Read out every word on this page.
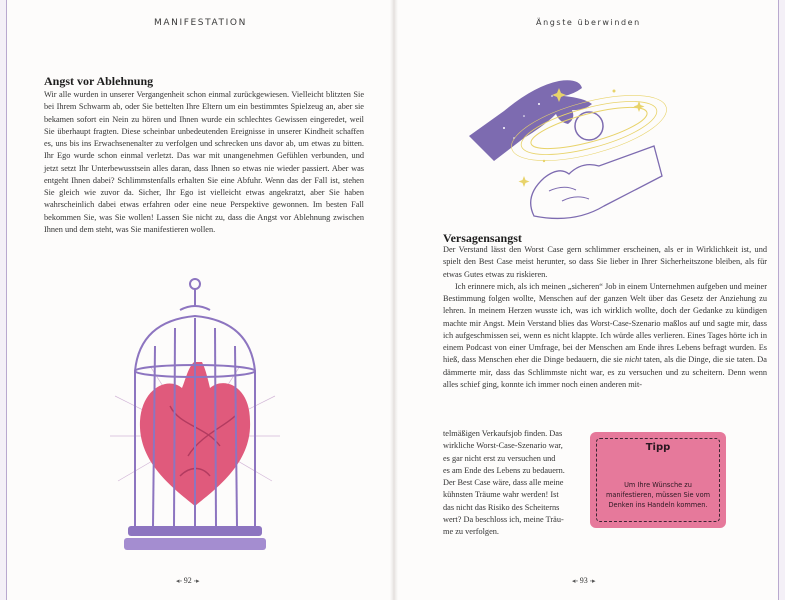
MANIFESTATION
Angst vor Ablehnung

Wir alle wurden in unserer Vergangenheit schon einmal zurückgewiesen. Vielleicht blitzten Sie bei Ihrem Schwarm ab, oder Sie bettelten Ihre Eltern um ein bestimmtes Spielzeug an, aber sie bekamen sofort ein Nein zu hören und Ihnen wurde ein schlechtes Gewissen eingeredet, weil Sie überhaupt fragten. Diese scheinbar unbedeutenden Ereignisse in unserer Kindheit schaffen es, uns bis ins Erwachsenenalter zu verfolgen und schrecken uns davor ab, um etwas zu bitten. Ihr Ego wurde schon einmal verletzt. Das war mit unangenehmen Gefühlen verbunden, und jetzt setzt Ihr Unterbewusstsein alles daran, dass Ihnen so etwas nie wieder passiert. Aber was entgeht Ihnen dabei? Schlimmstenfalls erhalten Sie eine Abfuhr. Wenn das der Fall ist, stehen Sie gleich wie zuvor da. Sicher, Ihr Ego ist vielleicht etwas angekratzt, aber Sie haben wahrscheinlich dabei etwas erfahren oder eine neue Perspektive gewonnen. Im besten Fall bekommen Sie, was Sie wollen! Lassen Sie nicht zu, dass die Angst vor Ablehnung zwischen Ihnen und dem steht, was Sie manifestieren wollen.

◂◦ 92 ◦▸
Ängste überwinden
Versagensangst

Der Verstand lässt den Worst Case gern schlimmer erscheinen, als er in Wirklichkeit ist, und spielt den Best Case meist herunter, so dass Sie lieber in Ihrer Sicherheitszone bleiben, als für etwas Gutes etwas zu riskieren.

Ich erinnere mich, als ich meinen „sicheren“ Job in einem Unternehmen aufgeben und meiner Bestimmung folgen wollte, Menschen auf der ganzen Welt über das Gesetz der Anziehung zu lehren. In meinem Herzen wusste ich, was ich wirklich wollte, doch der Gedanke zu kündigen machte mir Angst. Mein Verstand blies das Worst-Case-Szenario maßlos auf und sagte mir, dass ich aufgeschmissen sei, wenn es nicht klappte. Ich würde alles verlieren. Eines Tages hörte ich in einem Podcast von einer Umfrage, bei der Menschen am Ende ihres Lebens befragt wurden. Es hieß, dass Menschen eher die Dinge bedauern, die sie nicht taten, als die Dinge, die sie taten. Da dämmerte mir, dass das Schlimmste nicht war, es zu versuchen und zu scheitern. Denn wenn alles schief ging, konnte ich immer noch einen anderen mit-

telmäßigen Verkaufsjob finden. Das

wirkliche Worst-Case-Szenario war,

es gar nicht erst zu versuchen und

es am Ende des Lebens zu bedauern.

Der Best Case wäre, dass alle meine

kühnsten Träume wahr werden! Ist

das nicht das Risiko des Scheiterns

wert? Da beschloss ich, meine Träu-

me zu verfolgen.

Tipp
Um Ihre Wünsche zu manifestieren, müssen Sie vom Denken ins Handeln kommen.
◂◦ 93 ◦▸
